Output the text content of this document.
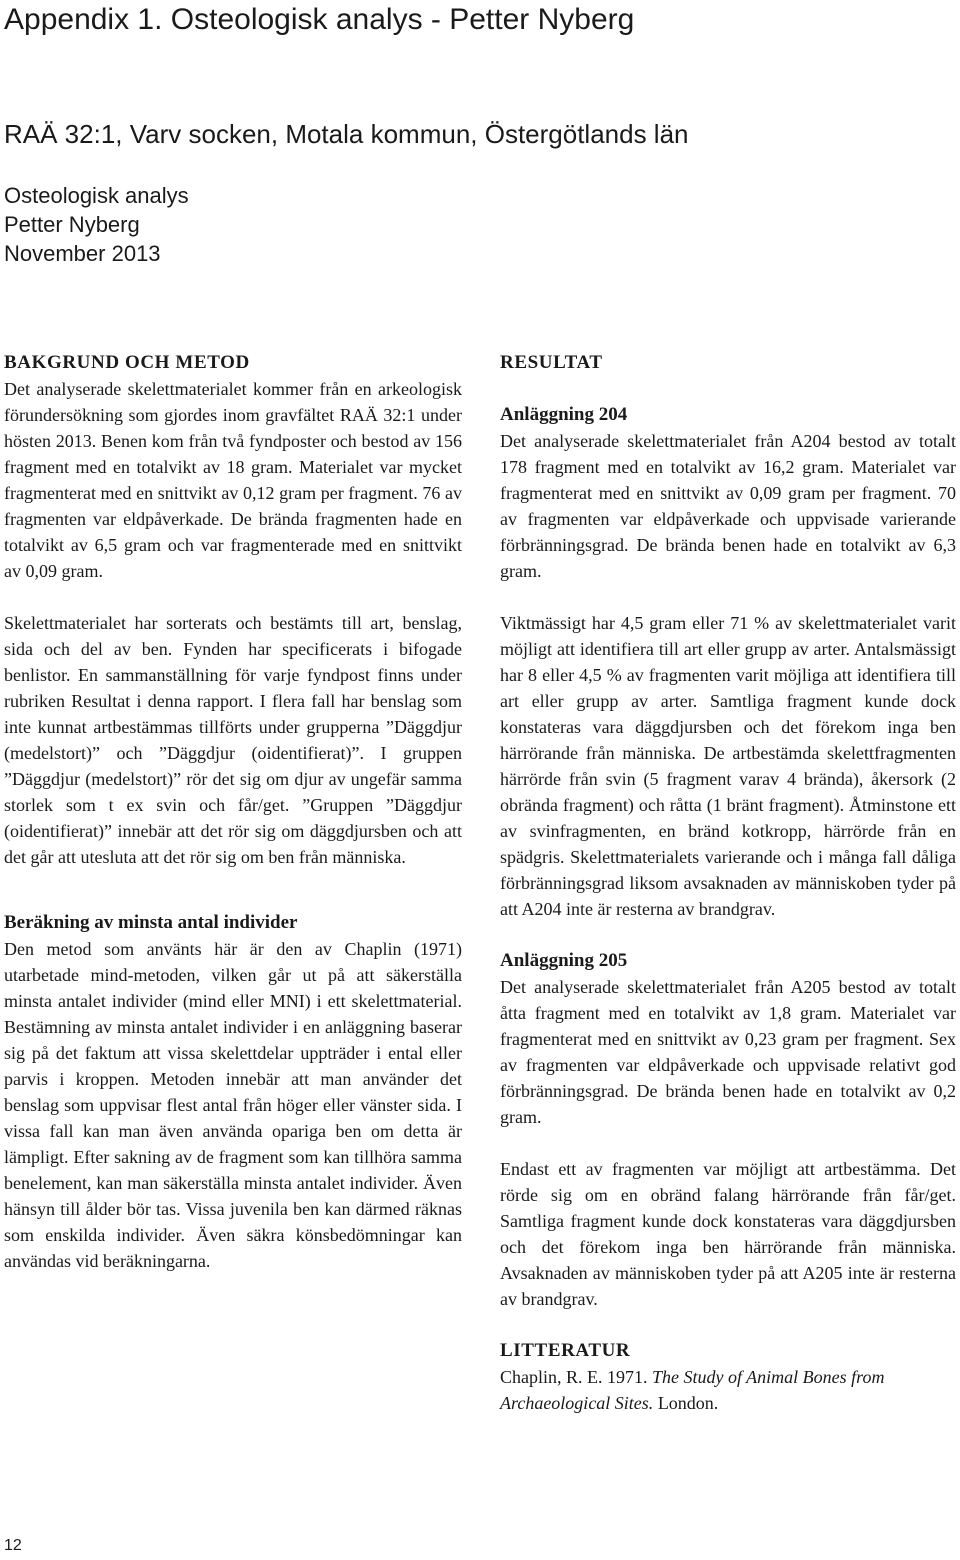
Appendix 1. Osteologisk analys - Petter Nyberg
RAÄ 32:1, Varv socken, Motala kommun, Östergötlands län
Osteologisk analys
Petter Nyberg
November 2013
BAKGRUND OCH METOD

Det analyserade skelettmaterialet kommer från en arkeologisk förundersökning som gjordes inom gravfältet RAÄ 32:1 under hösten 2013. Benen kom från två fyndposter och bestod av 156 fragment med en totalvikt av 18 gram. Materialet var mycket fragmenterat med en snittvikt av 0,12 gram per fragment. 76 av fragmenten var eldpåverkade. De brända fragmenten hade en totalvikt av 6,5 gram och var fragmenterade med en snittvikt av 0,09 gram.

Skelettmaterialet har sorterats och bestämts till art, benslag, sida och del av ben. Fynden har specificerats i bifogade benlistor. En sammanställning för varje fyndpost finns under rubriken Resultat i denna rapport. I flera fall har benslag som inte kunnat artbestämmas tillförts under grupperna ”Däggdjur (medelstort)” och ”Däggdjur (oidentifierat)”. I gruppen ”Däggdjur (medelstort)” rör det sig om djur av ungefär samma storlek som t ex svin och får/get. ”Gruppen ”Däggdjur (oidentifierat)” innebär att det rör sig om däggdjursben och att det går att utesluta att det rör sig om ben från människa.

Beräkning av minsta antal individer

Den metod som använts här är den av Chaplin (1971) utarbetade mind-metoden, vilken går ut på att säkerställa minsta antalet individer (mind eller MNI) i ett skelettmaterial. Bestämning av minsta antalet individer i en anläggning baserar sig på det faktum att vissa skelettdelar uppträder i ental eller parvis i kroppen. Metoden innebär att man använder det benslag som uppvisar flest antal från höger eller vänster sida. I vissa fall kan man även använda oparіga ben om detta är lämpligt. Efter sakning av de fragment som kan tillhöra samma benelement, kan man säkerställa minsta antalet individer. Även hänsyn till ålder bör tas. Vissa juvenila ben kan därmed räknas som enskilda individer. Även säkra könsbedömningar kan användas vid beräkningarna.

RESULTAT
Anläggning 204

Det analyserade skelettmaterialet från A204 bestod av totalt 178 fragment med en totalvikt av 16,2 gram. Materialet var fragmenterat med en snittvikt av 0,09 gram per fragment. 70 av fragmenten var eldpåverkade och uppvisade varierande förbränningsgrad. De brända benen hade en totalvikt av 6,3 gram.

Viktmässigt har 4,5 gram eller 71 % av skelettmaterialet varit möjligt att identifiera till art eller grupp av arter. Antalsmässigt har 8 eller 4,5 % av fragmenten varit möjliga att identifiera till art eller grupp av arter. Samtliga fragment kunde dock konstateras vara däggdjursben och det förekom inga ben härrörande från människa. De artbestämda skelettfragmenten härrörde från svin (5 fragment varav 4 brända), åkersork (2 obrända fragment) och råtta (1 bränt fragment). Åtminstone ett av svinfragmenten, en bränd kotkropp, härrörde från en spädgris. Skelettmaterialets varierande och i många fall dåliga förbränningsgrad liksom avsaknaden av människoben tyder på att A204 inte är resterna av brandgrav.

Anläggning 205

Det analyserade skelettmaterialet från A205 bestod av totalt åtta fragment med en totalvikt av 1,8 gram. Materialet var fragmenterat med en snittvikt av 0,23 gram per fragment. Sex av fragmenten var eldpåverkade och uppvisade relativt god förbränningsgrad. De brända benen hade en totalvikt av 0,2 gram.

Endast ett av fragmenten var möjligt att artbestämma. Det rörde sig om en obränd falang härrörande från får/get. Samtliga fragment kunde dock konstateras vara däggdjursben och det förekom inga ben härrörande från människa. Avsaknaden av människoben tyder på att A205 inte är resterna av brandgrav.

LITTERATUR

Chaplin, R. E. 1971. The Study of Animal Bones from Archaeological Sites. London.

12
